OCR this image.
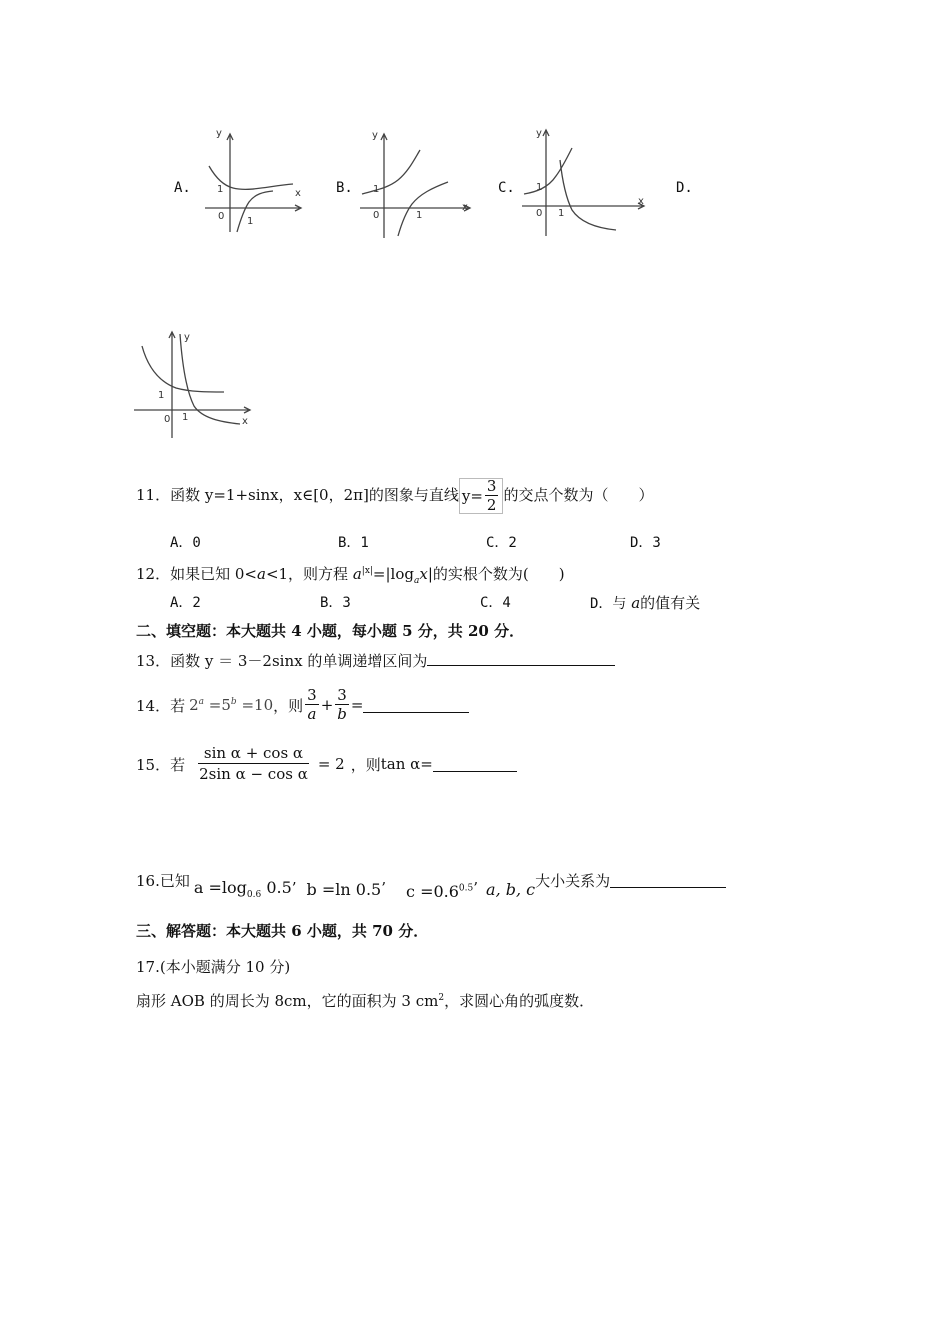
A.	B.	C.	D.
y
x
1
0 1
y
x
1
0	1
y
x
1
0 1
y
x
1
0 1
11．函数 y=1+sinx，x∈[0，2π]的图象与直线 $y= \frac{3}{2}$ 的交点个数为（　　）
A．0	B．1	C．2	D．3
12．如果已知 0<a<1，则方程 $a^{|x|}=|\log_ax|$的实根个数为(　　)
A．2	B．3	C．4	D．与 a的值有关
二、填空题：本大题共 4 小题，每小题 5 分，共 20 分．
13．函数 y ＝ 3－2sinx 的单调递增区间为
14． 若 $2^a =5^b =10$ ，则 $\frac{3}{a} + \frac{3}{b}$ =
15． 若 $\frac{\text{sin α + cos α}}{\text{2sin α − cos α}} = 2$ ，则 tan α =
16. 已知 $a =\log_{0.6}$ 0.5 ’ b =ln 0.5 ’ $c =0.6^{0.5}$ ’ a, b, c 大小关系为
三、解答题：本大题共 6 小题，共 70 分．
17.(本小题满分 10 分)
扇形 AOB 的周长为 8cm，它的面积为 3 $cm^2$，求圆心角的弧度数．
